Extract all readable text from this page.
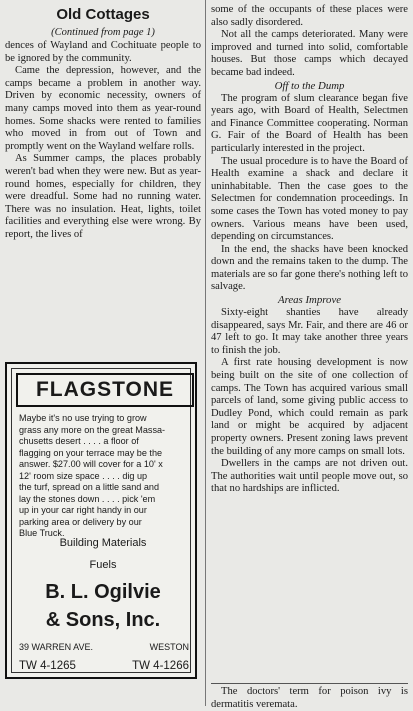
Old Cottages
(Continued from page 1)

dences of Wayland and Cochituate people to be ignored by the community.

Came the depression, however, and the camps became a problem in another way. Driven by economic necessity, owners of many camps moved into them as year-round homes. Some shacks were rented to families who moved in from out of Town and promptly went on the Wayland welfare rolls.

As Summer camps, the places probably weren't bad when they were new. But as year-round homes, especially for children, they were dreadful. Some had no running water. There was no insulation. Heat, lights, toilet facilities and everything else were wrong. By report, the lives of

FLAGSTONE
Maybe it's no use trying to grow
grass any more on the great Massa-
chusetts desert . . . . a floor of
flagging on your terrace may be the
answer. $27.00 will cover for a 10' x
12' room size space . . . . dig up
the turf, spread on a little sand and
lay the stones down . . . . pick 'em
up in your car right handy in our
parking area or delivery by our
Blue Truck.
Building Materials
Fuels
B. L. Ogilvie
& Sons, Inc.
39 WARREN AVE.	WESTON
TW 4-1265	TW 4-1266

some of the occupants of these places were also sadly disordered.

Not all the camps deteriorated. Many were improved and turned into solid, comfortable houses. But those camps which decayed became bad indeed.

Off to the Dump

The program of slum clearance began five years ago, with Board of Health, Selectmen and Finance Committee cooperating. Norman G. Fair of the Board of Health has been particularly interested in the project.

The usual procedure is to have the Board of Health examine a shack and declare it uninhabitable. Then the case goes to the Selectmen for condemnation proceedings. In some cases the Town has voted money to pay owners. Various means have been used, depending on circumstances.

In the end, the shacks have been knocked down and the remains taken to the dump. The materials are so far gone there's nothing left to salvage.

Areas Improve

Sixty-eight shanties have already disappeared, says Mr. Fair, and there are 46 or 47 left to go. It may take another three years to finish the job.

A first rate housing development is now being built on the site of one collection of camps. The Town has acquired various small parcels of land, some giving public access to Dudley Pond, which could remain as park land or might be acquired by adjacent property owners. Present zoning laws prevent the building of any more camps on small lots.

Dwellers in the camps are not driven out. The authorities wait until people move out, so that no hardships are inflicted.

The doctors' term for poison ivy is dermatitis veremata.
